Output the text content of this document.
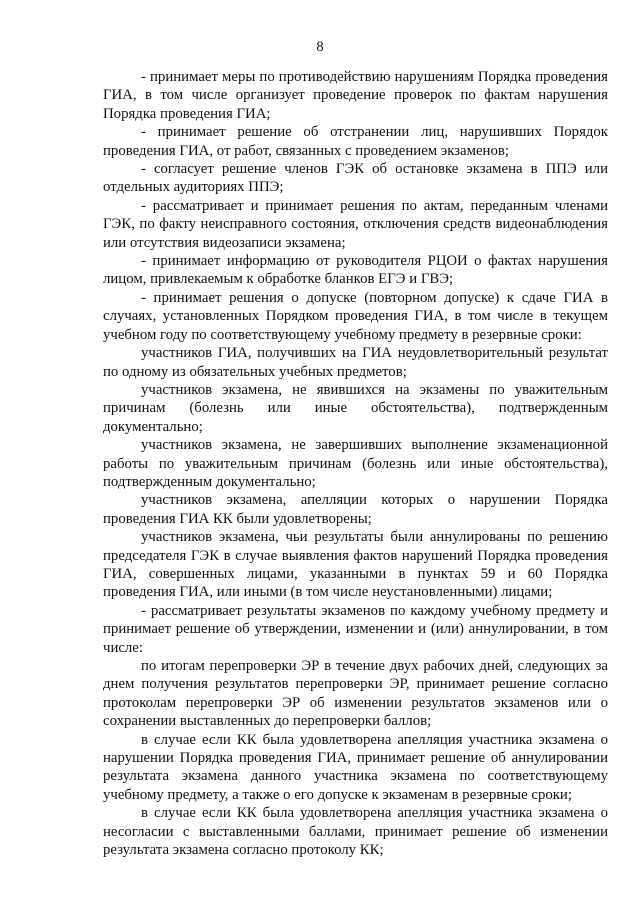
8

- принимает меры по противодействию нарушениям Порядка проведения ГИА, в том числе организует проведение проверок по фактам нарушения Порядка проведения ГИА;

- принимает решение об отстранении лиц, нарушивших Порядок проведения ГИА, от работ, связанных с проведением экзаменов;

- согласует решение членов ГЭК об остановке экзамена в ППЭ или отдельных аудиториях ППЭ;

- рассматривает и принимает решения по актам, переданным членами ГЭК, по факту неисправного состояния, отключения средств видеонаблюдения или отсутствия видеозаписи экзамена;

- принимает информацию от руководителя РЦОИ о фактах нарушения лицом, привлекаемым к обработке бланков ЕГЭ и ГВЭ;

- принимает решения о допуске (повторном допуске) к сдаче ГИА в случаях, установленных Порядком проведения ГИА, в том числе в текущем учебном году по соответствующему учебному предмету в резервные сроки:

участников ГИА, получивших на ГИА неудовлетворительный результат по одному из обязательных учебных предметов;

участников экзамена, не явившихся на экзамены по уважительным причинам (болезнь или иные обстоятельства), подтвержденным документально;

участников экзамена, не завершивших выполнение экзаменационной работы по уважительным причинам (болезнь или иные обстоятельства), подтвержденным документально;

участников экзамена, апелляции которых о нарушении Порядка проведения ГИА КК были удовлетворены;

участников экзамена, чьи результаты были аннулированы по решению председателя ГЭК в случае выявления фактов нарушений Порядка проведения ГИА, совершенных лицами, указанными в пунктах 59 и 60 Порядка проведения ГИА, или иными (в том числе неустановленными) лицами;

- рассматривает результаты экзаменов по каждому учебному предмету и принимает решение об утверждении, изменении и (или) аннулировании, в том числе:

по итогам перепроверки ЭР в течение двух рабочих дней, следующих за днем получения результатов перепроверки ЭР, принимает решение согласно протоколам перепроверки ЭР об изменении результатов экзаменов или о сохранении выставленных до перепроверки баллов;

в случае если КК была удовлетворена апелляция участника экзамена о нарушении Порядка проведения ГИА, принимает решение об аннулировании результата экзамена данного участника экзамена по соответствующему учебному предмету, а также о его допуске к экзаменам в резервные сроки;

в случае если КК была удовлетворена апелляция участника экзамена о несогласии с выставленными баллами, принимает решение об изменении результата экзамена согласно протоколу КК;
